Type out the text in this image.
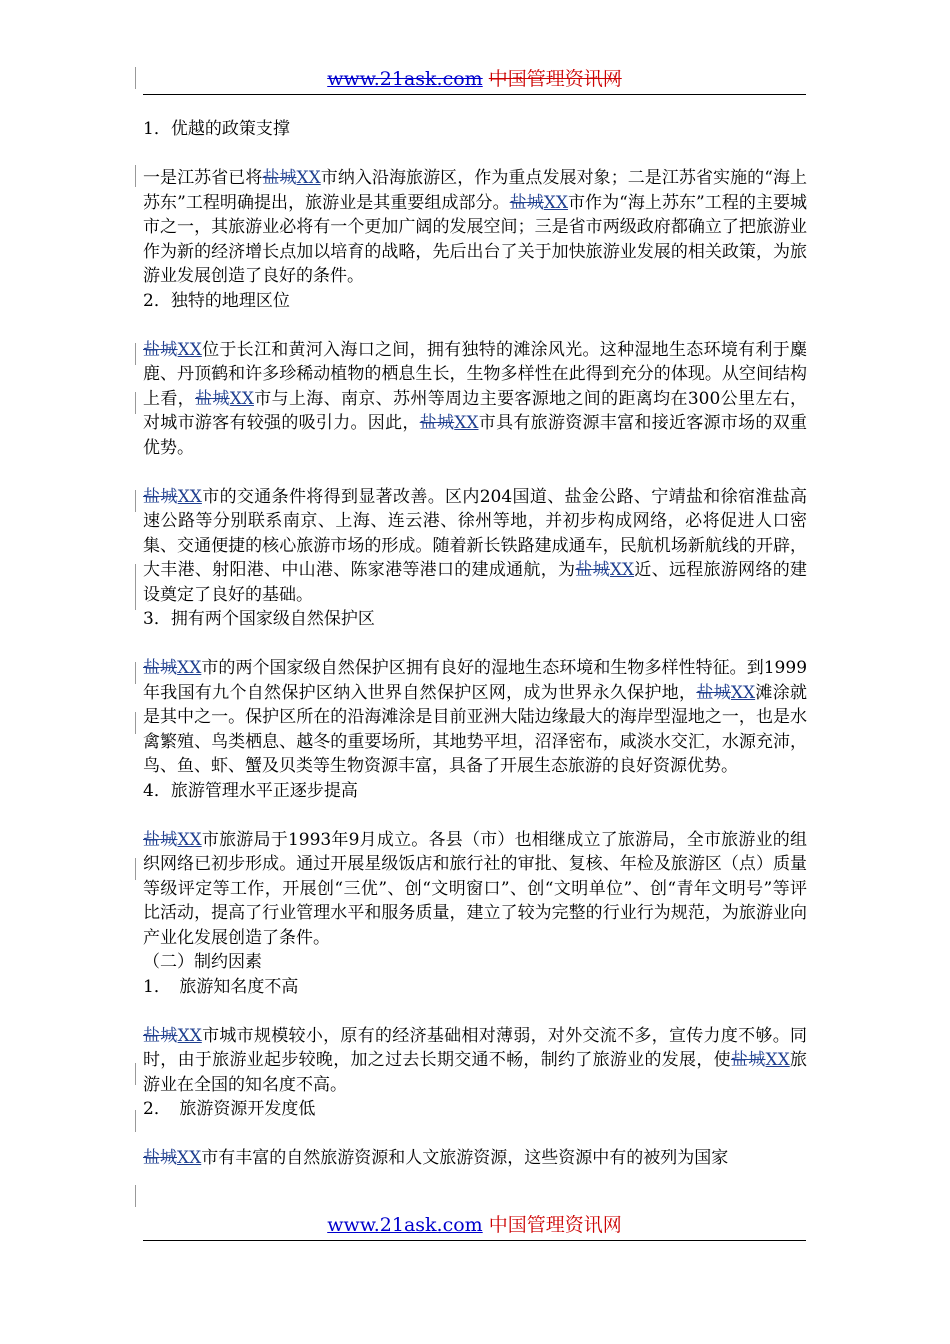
www.21ask.com 中国管理资讯网

1．优越的政策支撑

一是江苏省已将盐城XX市纳入沿海旅游区，作为重点发展对象；二是江苏省实施的“海上苏东”工程明确提出，旅游业是其重要组成部分。盐城XX市作为“海上苏东”工程的主要城市之一，其旅游业必将有一个更加广阔的发展空间；三是省市两级政府都确立了把旅游业作为新的经济增长点加以培育的战略，先后出台了关于加快旅游业发展的相关政策，为旅游业发展创造了良好的条件。

2．独特的地理区位

盐城XX位于长江和黄河入海口之间，拥有独特的滩涂风光。这种湿地生态环境有利于麋鹿、丹顶鹤和许多珍稀动植物的栖息生长，生物多样性在此得到充分的体现。从空间结构上看，盐城XX市与上海、南京、苏州等周边主要客源地之间的距离均在300公里左右，对城市游客有较强的吸引力。因此，盐城XX市具有旅游资源丰富和接近客源市场的双重优势。

盐城XX市的交通条件将得到显著改善。区内204国道、盐金公路、宁靖盐和徐宿淮盐高速公路等分别联系南京、上海、连云港、徐州等地，并初步构成网络，必将促进人口密集、交通便捷的核心旅游市场的形成。随着新长铁路建成通车，民航机场新航线的开辟，大丰港、射阳港、中山港、陈家港等港口的建成通航，为盐城XX近、远程旅游网络的建设奠定了良好的基础。

3．拥有两个国家级自然保护区

盐城XX市的两个国家级自然保护区拥有良好的湿地生态环境和生物多样性特征。到1999年我国有九个自然保护区纳入世界自然保护区网，成为世界永久保护地，盐城XX滩涂就是其中之一。保护区所在的沿海滩涂是目前亚洲大陆边缘最大的海岸型湿地之一，也是水禽繁殖、鸟类栖息、越冬的重要场所，其地势平坦，沼泽密布，咸淡水交汇，水源充沛，鸟、鱼、虾、蟹及贝类等生物资源丰富，具备了开展生态旅游的良好资源优势。

4．旅游管理水平正逐步提高

盐城XX市旅游局于1993年9月成立。各县（市）也相继成立了旅游局，全市旅游业的组织网络已初步形成。通过开展星级饭店和旅行社的审批、复核、年检及旅游区（点）质量等级评定等工作，开展创“三优”、创“文明窗口”、创“文明单位”、创“青年文明号”等评比活动，提高了行业管理水平和服务质量，建立了较为完整的行业行为规范，为旅游业向产业化发展创造了条件。

（二）制约因素

1．　旅游知名度不高

盐城XX市城市规模较小，原有的经济基础相对薄弱，对外交流不多，宣传力度不够。同时，由于旅游业起步较晚，加之过去长期交通不畅，制约了旅游业的发展，使盐城XX旅游业在全国的知名度不高。

2．　旅游资源开发度低

盐城XX市有丰富的自然旅游资源和人文旅游资源，这些资源中有的被列为国家

www.21ask.com 中国管理资讯网
